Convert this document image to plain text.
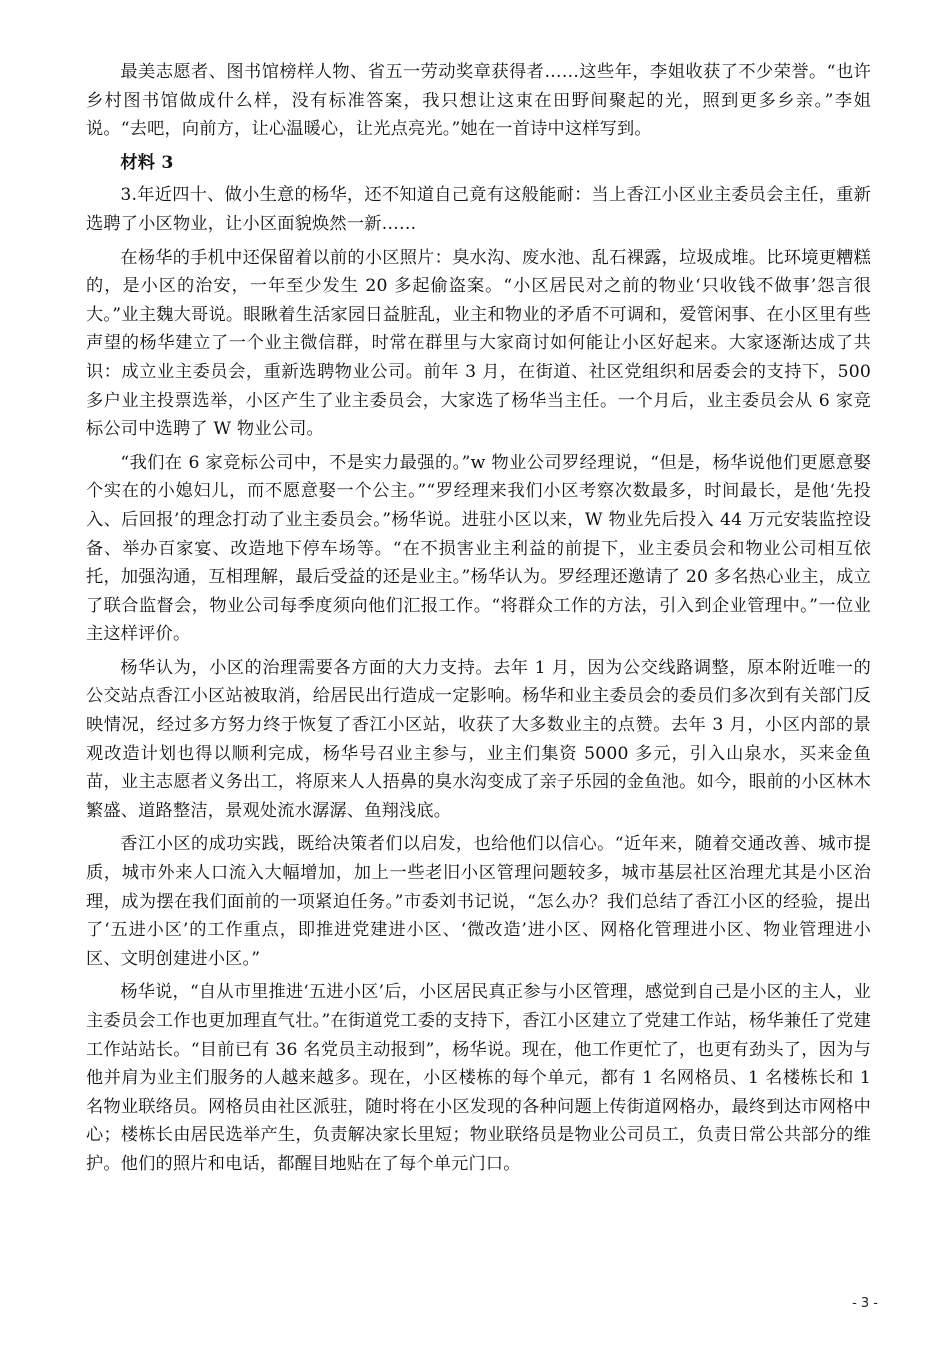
最美志愿者、图书馆榜样人物、省五一劳动奖章获得者……这些年，李姐收获了不少荣誉。“也许乡村图书馆做成什么样，没有标准答案，我只想让这束在田野间聚起的光，照到更多乡亲。”李姐说。“去吧，向前方，让心温暖心，让光点亮光。”她在一首诗中这样写到。

材料 3

3.年近四十、做小生意的杨华，还不知道自己竟有这般能耐：当上香江小区业主委员会主任，重新选聘了小区物业，让小区面貌焕然一新……

在杨华的手机中还保留着以前的小区照片：臭水沟、废水池、乱石裸露，垃圾成堆。比环境更糟糕的，是小区的治安，一年至少发生 20 多起偷盗案。“小区居民对之前的物业‘只收钱不做事’怨言很大。”业主魏大哥说。眼瞅着生活家园日益脏乱，业主和物业的矛盾不可调和，爱管闲事、在小区里有些声望的杨华建立了一个业主微信群，时常在群里与大家商讨如何能让小区好起来。大家逐渐达成了共识：成立业主委员会，重新选聘物业公司。前年 3 月，在街道、社区党组织和居委会的支持下，500 多户业主投票选举，小区产生了业主委员会，大家选了杨华当主任。一个月后，业主委员会从 6 家竞标公司中选聘了 W 物业公司。

“我们在 6 家竞标公司中，不是实力最强的。”w 物业公司罗经理说，“但是，杨华说他们更愿意娶个实在的小媳妇儿，而不愿意娶一个公主。”“罗经理来我们小区考察次数最多，时间最长，是他‘先投入、后回报’的理念打动了业主委员会。”杨华说。进驻小区以来，W 物业先后投入 44 万元安装监控设备、举办百家宴、改造地下停车场等。“在不损害业主利益的前提下，业主委员会和物业公司相互依托，加强沟通，互相理解，最后受益的还是业主。”杨华认为。罗经理还邀请了 20 多名热心业主，成立了联合监督会，物业公司每季度须向他们汇报工作。“将群众工作的方法，引入到企业管理中。”一位业主这样评价。

杨华认为，小区的治理需要各方面的大力支持。去年 1 月，因为公交线路调整，原本附近唯一的公交站点香江小区站被取消，给居民出行造成一定影响。杨华和业主委员会的委员们多次到有关部门反映情况，经过多方努力终于恢复了香江小区站，收获了大多数业主的点赞。去年 3 月，小区内部的景观改造计划也得以顺利完成，杨华号召业主参与，业主们集资 5000 多元，引入山泉水，买来金鱼苗，业主志愿者义务出工，将原来人人捂鼻的臭水沟变成了亲子乐园的金鱼池。如今，眼前的小区林木繁盛、道路整洁，景观处流水潺潺、鱼翔浅底。

香江小区的成功实践，既给决策者们以启发，也给他们以信心。“近年来，随着交通改善、城市提质，城市外来人口流入大幅增加，加上一些老旧小区管理问题较多，城市基层社区治理尤其是小区治理，成为摆在我们面前的一项紧迫任务。”市委刘书记说，“怎么办？我们总结了香江小区的经验，提出了‘五进小区’的工作重点，即推进党建进小区、‘微改造’进小区、网格化管理进小区、物业管理进小区、文明创建进小区。”

杨华说，“自从市里推进‘五进小区’后，小区居民真正参与小区管理，感觉到自己是小区的主人，业主委员会工作也更加理直气壮。”在街道党工委的支持下，香江小区建立了党建工作站，杨华兼任了党建工作站站长。“目前已有 36 名党员主动报到”，杨华说。现在，他工作更忙了，也更有劲头了，因为与他并肩为业主们服务的人越来越多。现在，小区楼栋的每个单元，都有 1 名网格员、1 名楼栋长和 1 名物业联络员。网格员由社区派驻，随时将在小区发现的各种问题上传街道网格办，最终到达市网格中心；楼栋长由居民选举产生，负责解决家长里短；物业联络员是物业公司员工，负责日常公共部分的维护。他们的照片和电话，都醒目地贴在了每个单元门口。

- 3 -
